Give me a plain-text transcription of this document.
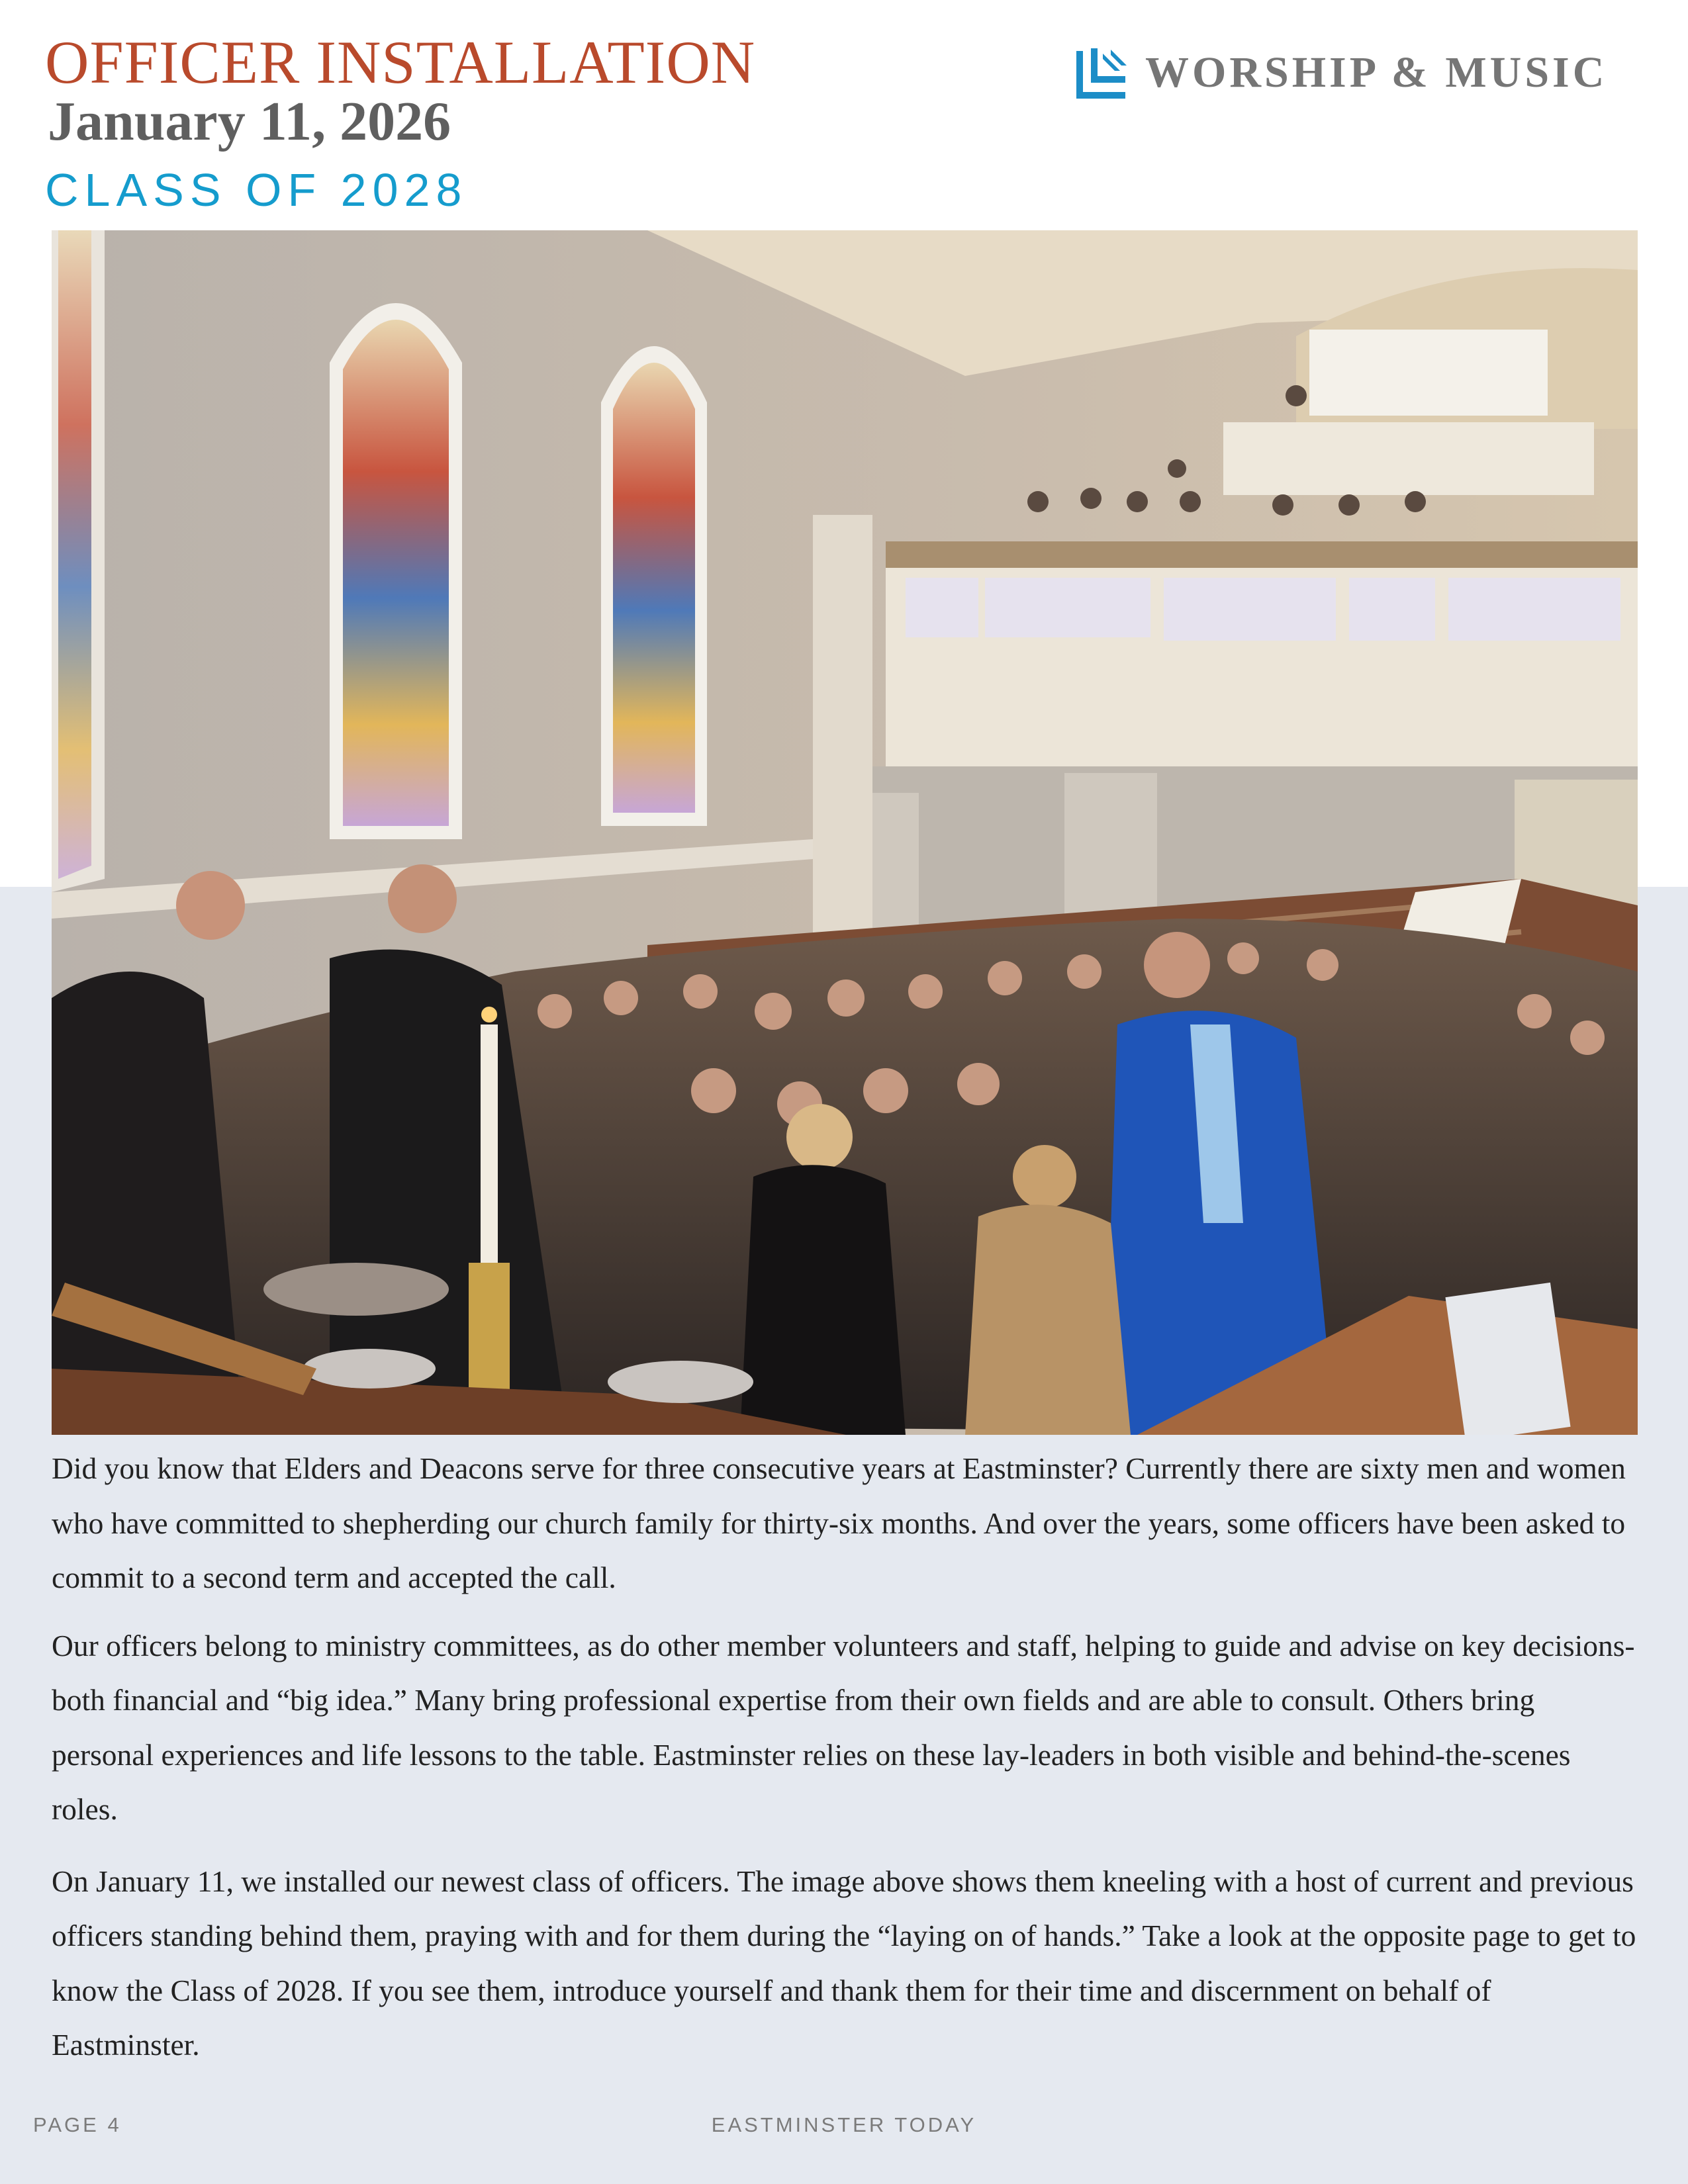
OFFICER INSTALLATION
January 11, 2026
CLASS OF 2028
WORSHIP & MUSIC

Did you know that Elders and Deacons serve for three consecutive years at Eastminster? Currently there are sixty men and women who have committed to shepherding our church family for thirty-six months. And over the years, some officers have been asked to commit to a second term and accepted the call.

Our officers belong to ministry committees, as do other member volunteers and staff, helping to guide and advise on key decisions- both financial and “big idea.” Many bring professional expertise from their own fields and are able to consult. Others bring personal experiences and life lessons to the table. Eastminster relies on these lay-leaders in both visible and behind-the-scenes roles.

On January 11, we installed our newest class of officers. The image above shows them kneeling with a host of current and previous officers standing behind them, praying with and for them during the “laying on of hands.” Take a look at the opposite page to get to know the Class of 2028. If you see them, introduce yourself and thank them for their time and discernment on behalf of Eastminster.

PAGE 4	EASTMINSTER TODAY
